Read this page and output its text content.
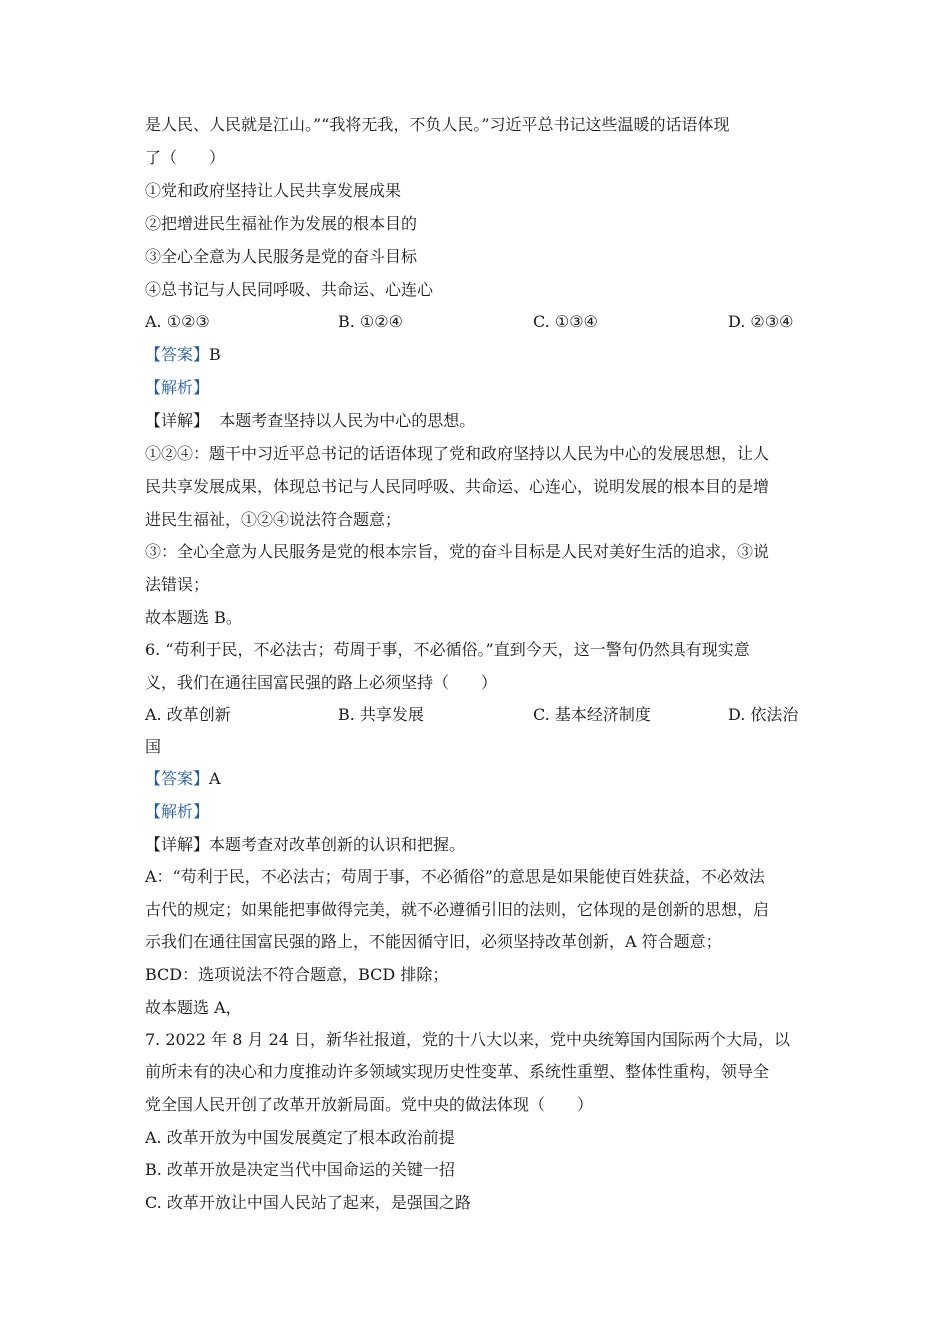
是人民、人民就是江山。”“我将无我，不负人民。”习近平总书记这些温暖的话语体现
了（　　）
①党和政府坚持让人民共享发展成果
②把增进民生福祉作为发展的根本目的
③全心全意为人民服务是党的奋斗目标
④总书记与人民同呼吸、共命运、心连心
A. ①②③	B. ①②④	C. ①③④	D. ②③④
【答案】B
【解析】
【详解】  本题考查坚持以人民为中心的思想。
①②④：题干中习近平总书记的话语体现了党和政府坚持以人民为中心的发展思想，让人
民共享发展成果，体现总书记与人民同呼吸、共命运、心连心，说明发展的根本目的是增
进民生福祉，①②④说法符合题意；
③：全心全意为人民服务是党的根本宗旨，党的奋斗目标是人民对美好生活的追求，③说
法错误；
故本题选 B。
6. “苟利于民，不必法古；苟周于事，不必循俗。”直到今天，这一警句仍然具有现实意
义，我们在通往国富民强的路上必须坚持（　　）
A. 改革创新	B. 共享发展	C. 基本经济制度	D. 依法治
国
【答案】A
【解析】
【详解】本题考查对改革创新的认识和把握。
A：“苟利于民，不必法古；苟周于事，不必循俗”的意思是如果能使百姓获益，不必效法
古代的规定；如果能把事做得完美，就不必遵循引旧的法则，它体现的是创新的思想，启
示我们在通往国富民强的路上，不能因循守旧，必须坚持改革创新，A 符合题意；
BCD：选项说法不符合题意，BCD 排除；
故本题选 A，
7. 2022 年 8 月 24 日，新华社报道，党的十八大以来，党中央统筹国内国际两个大局，以
前所未有的决心和力度推动许多领域实现历史性变革、系统性重塑、整体性重构，领导全
党全国人民开创了改革开放新局面。党中央的做法体现（　　）
A. 改革开放为中国发展奠定了根本政治前提
B. 改革开放是决定当代中国命运的关键一招
C. 改革开放让中国人民站了起来，是强国之路
